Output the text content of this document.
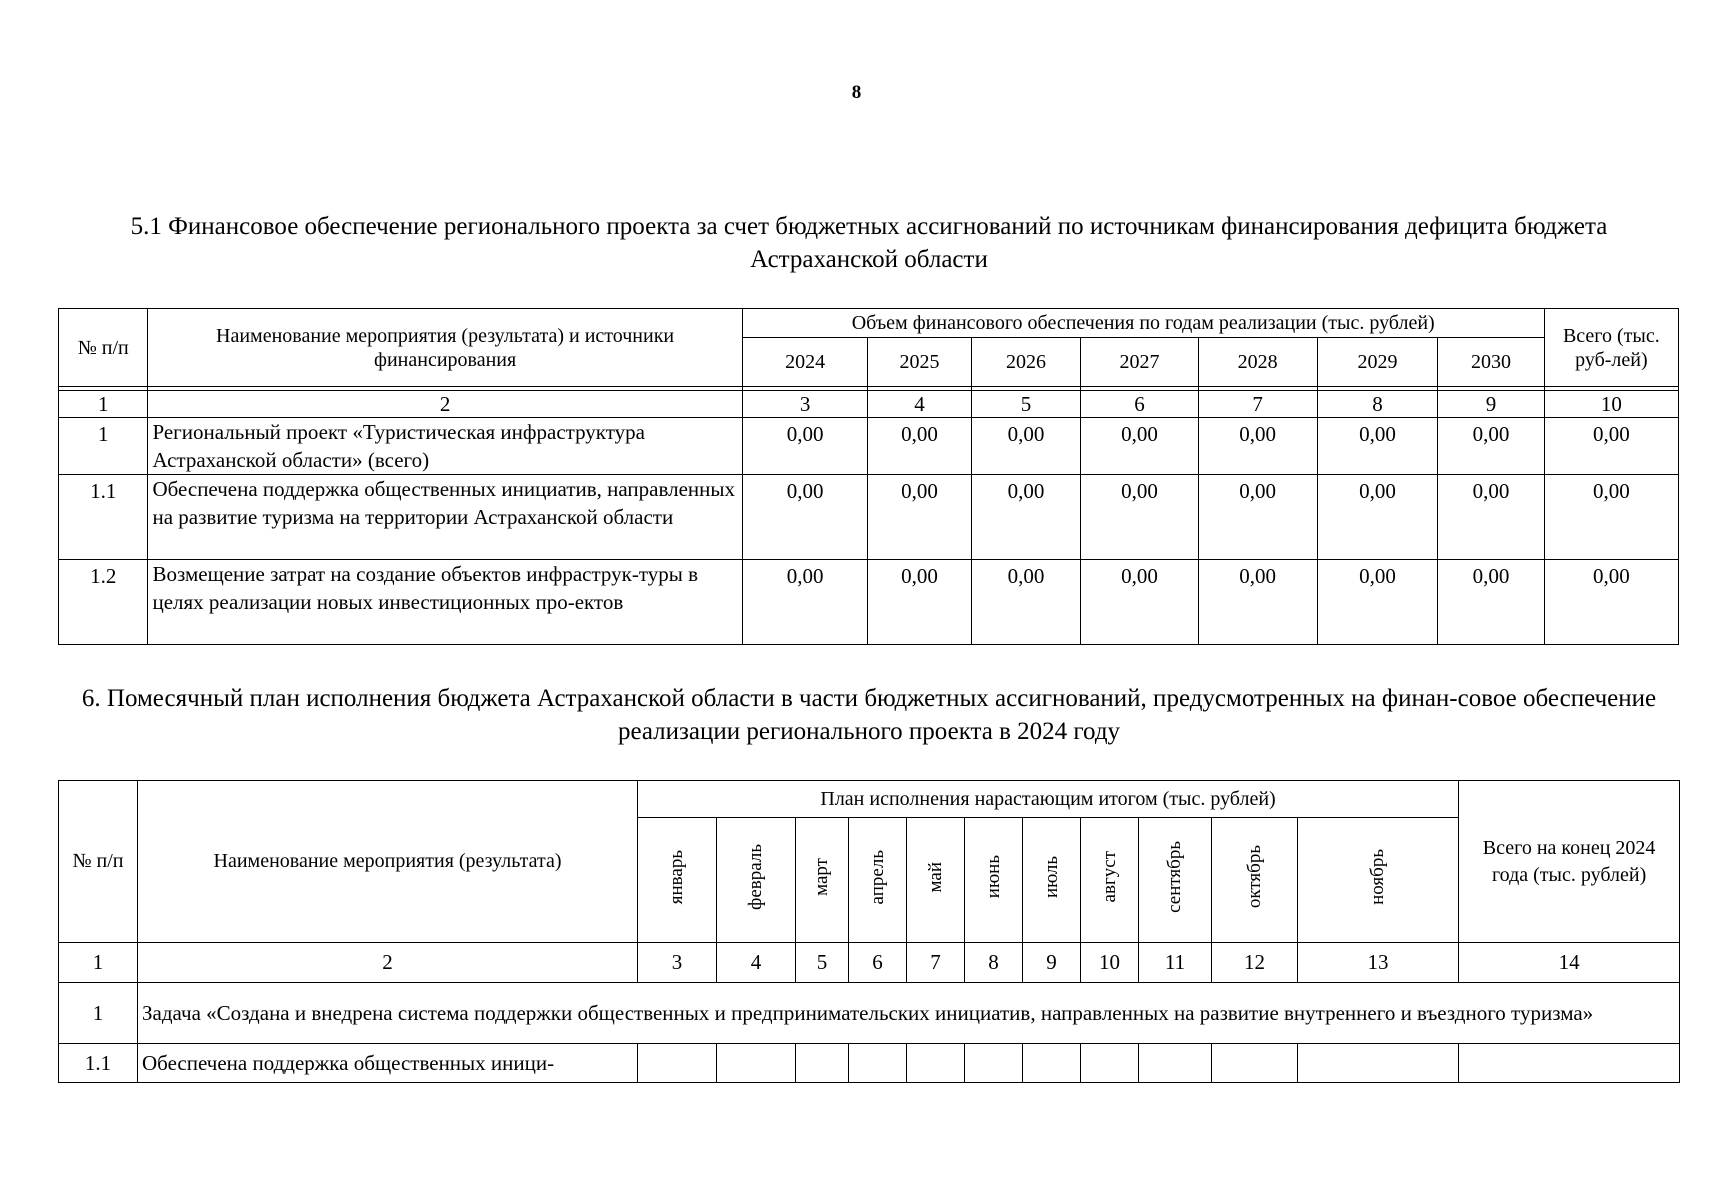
8
5.1 Финансовое обеспечение регионального проекта за счет бюджетных ассигнований по источникам финансирования дефицита бюджета Астраханской области
№ п/п	Наименование мероприятия (результата) и источники финансирования	Объем финансового обеспечения по годам реализации (тыс. рублей)							Всего (тыс. руб-лей)
		2024	2025	2026	2027	2028	2029	2030	

1	2	3	4	5	6	7	8	9	10
1	Региональный проект «Туристическая инфраструктура Астраханской области» (всего)	0,00	0,00	0,00	0,00	0,00	0,00	0,00	0,00
1.1	Обеспечена поддержка общественных инициатив, направленных на развитие туризма на территории Астраханской области	0,00	0,00	0,00	0,00	0,00	0,00	0,00	0,00
1.2	Возмещение затрат на создание объектов инфраструк-туры в целях реализации новых инвестиционных про-ектов	0,00	0,00	0,00	0,00	0,00	0,00	0,00	0,00
6. Помесячный план исполнения бюджета Астраханской области в части бюджетных ассигнований, предусмотренных на финан-совое обеспечение реализации регионального проекта в 2024 году
№ п/п	Наименование мероприятия (результата)	План исполнения нарастающим итогом (тыс. рублей)											Всего на конец 2024 года (тыс. рублей)
		январь	февраль	март	апрель	май	июнь	июль	август	сентябрь	октябрь	ноябрь	
1	2	3	4	5	6	7	8	9	10	11	12	13	14
1	Задача «Создана и внедрена система поддержки общественных и предпринимательских инициатив, направленных на развитие внутреннего и въездного туризма»												
1.1	Обеспечена поддержка общественных иници-												
